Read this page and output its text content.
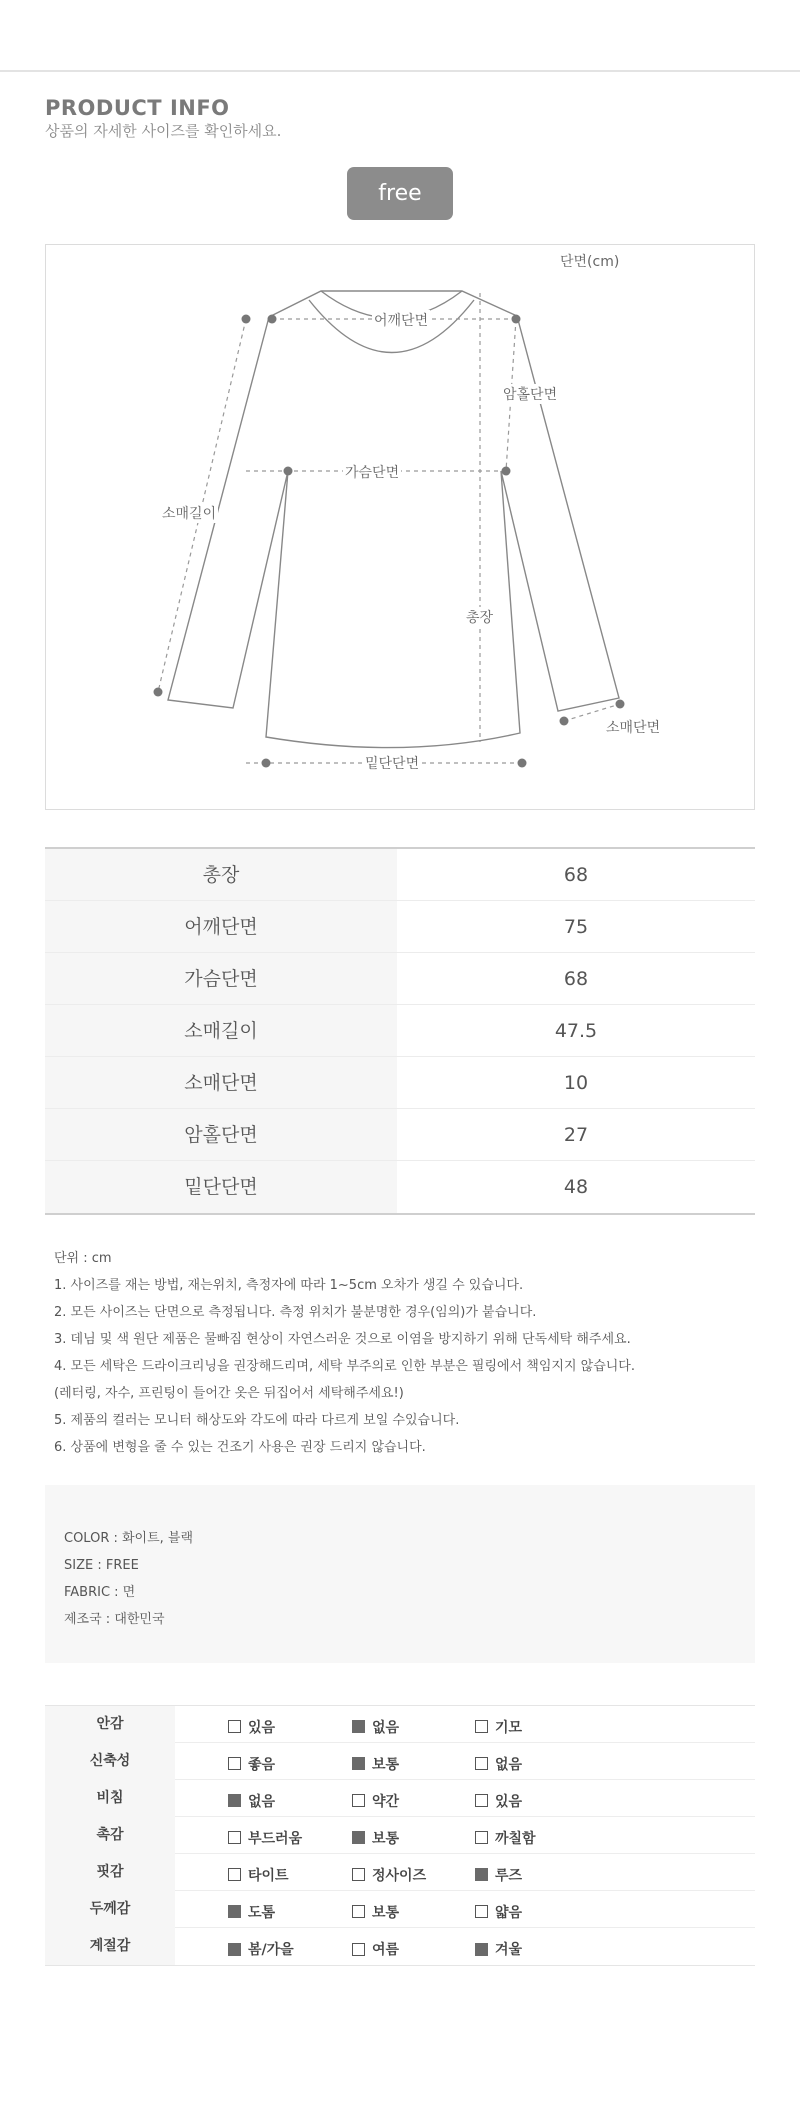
PRODUCT INFO
상품의 자세한 사이즈를 확인하세요.
free
단면(cm)
어깨단면
암홀단면
가슴단면
소매길이
총장
소매단면
밑단단면
총장	68
어깨단면	75
가슴단면	68
소매길이	47.5
소매단면	10
암홀단면	27
밑단단면	48
단위 : cm
1. 사이즈를 재는 방법, 재는위치, 측정자에 따라 1~5cm 오차가 생길 수 있습니다.
2. 모든 사이즈는 단면으로 측정됩니다. 측정 위치가 불분명한 경우(임의)가 붙습니다.
3. 데님 및 색 원단 제품은 물빠짐 현상이 자연스러운 것으로 이염을 방지하기 위해 단독세탁 해주세요.
4. 모든 세탁은 드라이크리닝을 권장해드리며, 세탁 부주의로 인한 부분은 필링에서 책임지지 않습니다.
(레터링, 자수, 프린팅이 들어간 옷은 뒤집어서 세탁해주세요!)
5. 제품의 컬러는 모니터 해상도와 각도에 따라 다르게 보일 수있습니다.
6. 상품에 변형을 줄 수 있는 건조기 사용은 권장 드리지 않습니다.
COLOR : 화이트, 블랙
SIZE : FREE
FABRIC : 면
제조국 : 대한민국
안감	있음	없음	기모
신축성	좋음	보통	없음
비침	없음	약간	있음
촉감	부드러움	보통	까칠함
핏감	타이트	정사이즈	루즈
두께감	도톰	보통	얇음
계절감	봄/가을	여름	겨울
